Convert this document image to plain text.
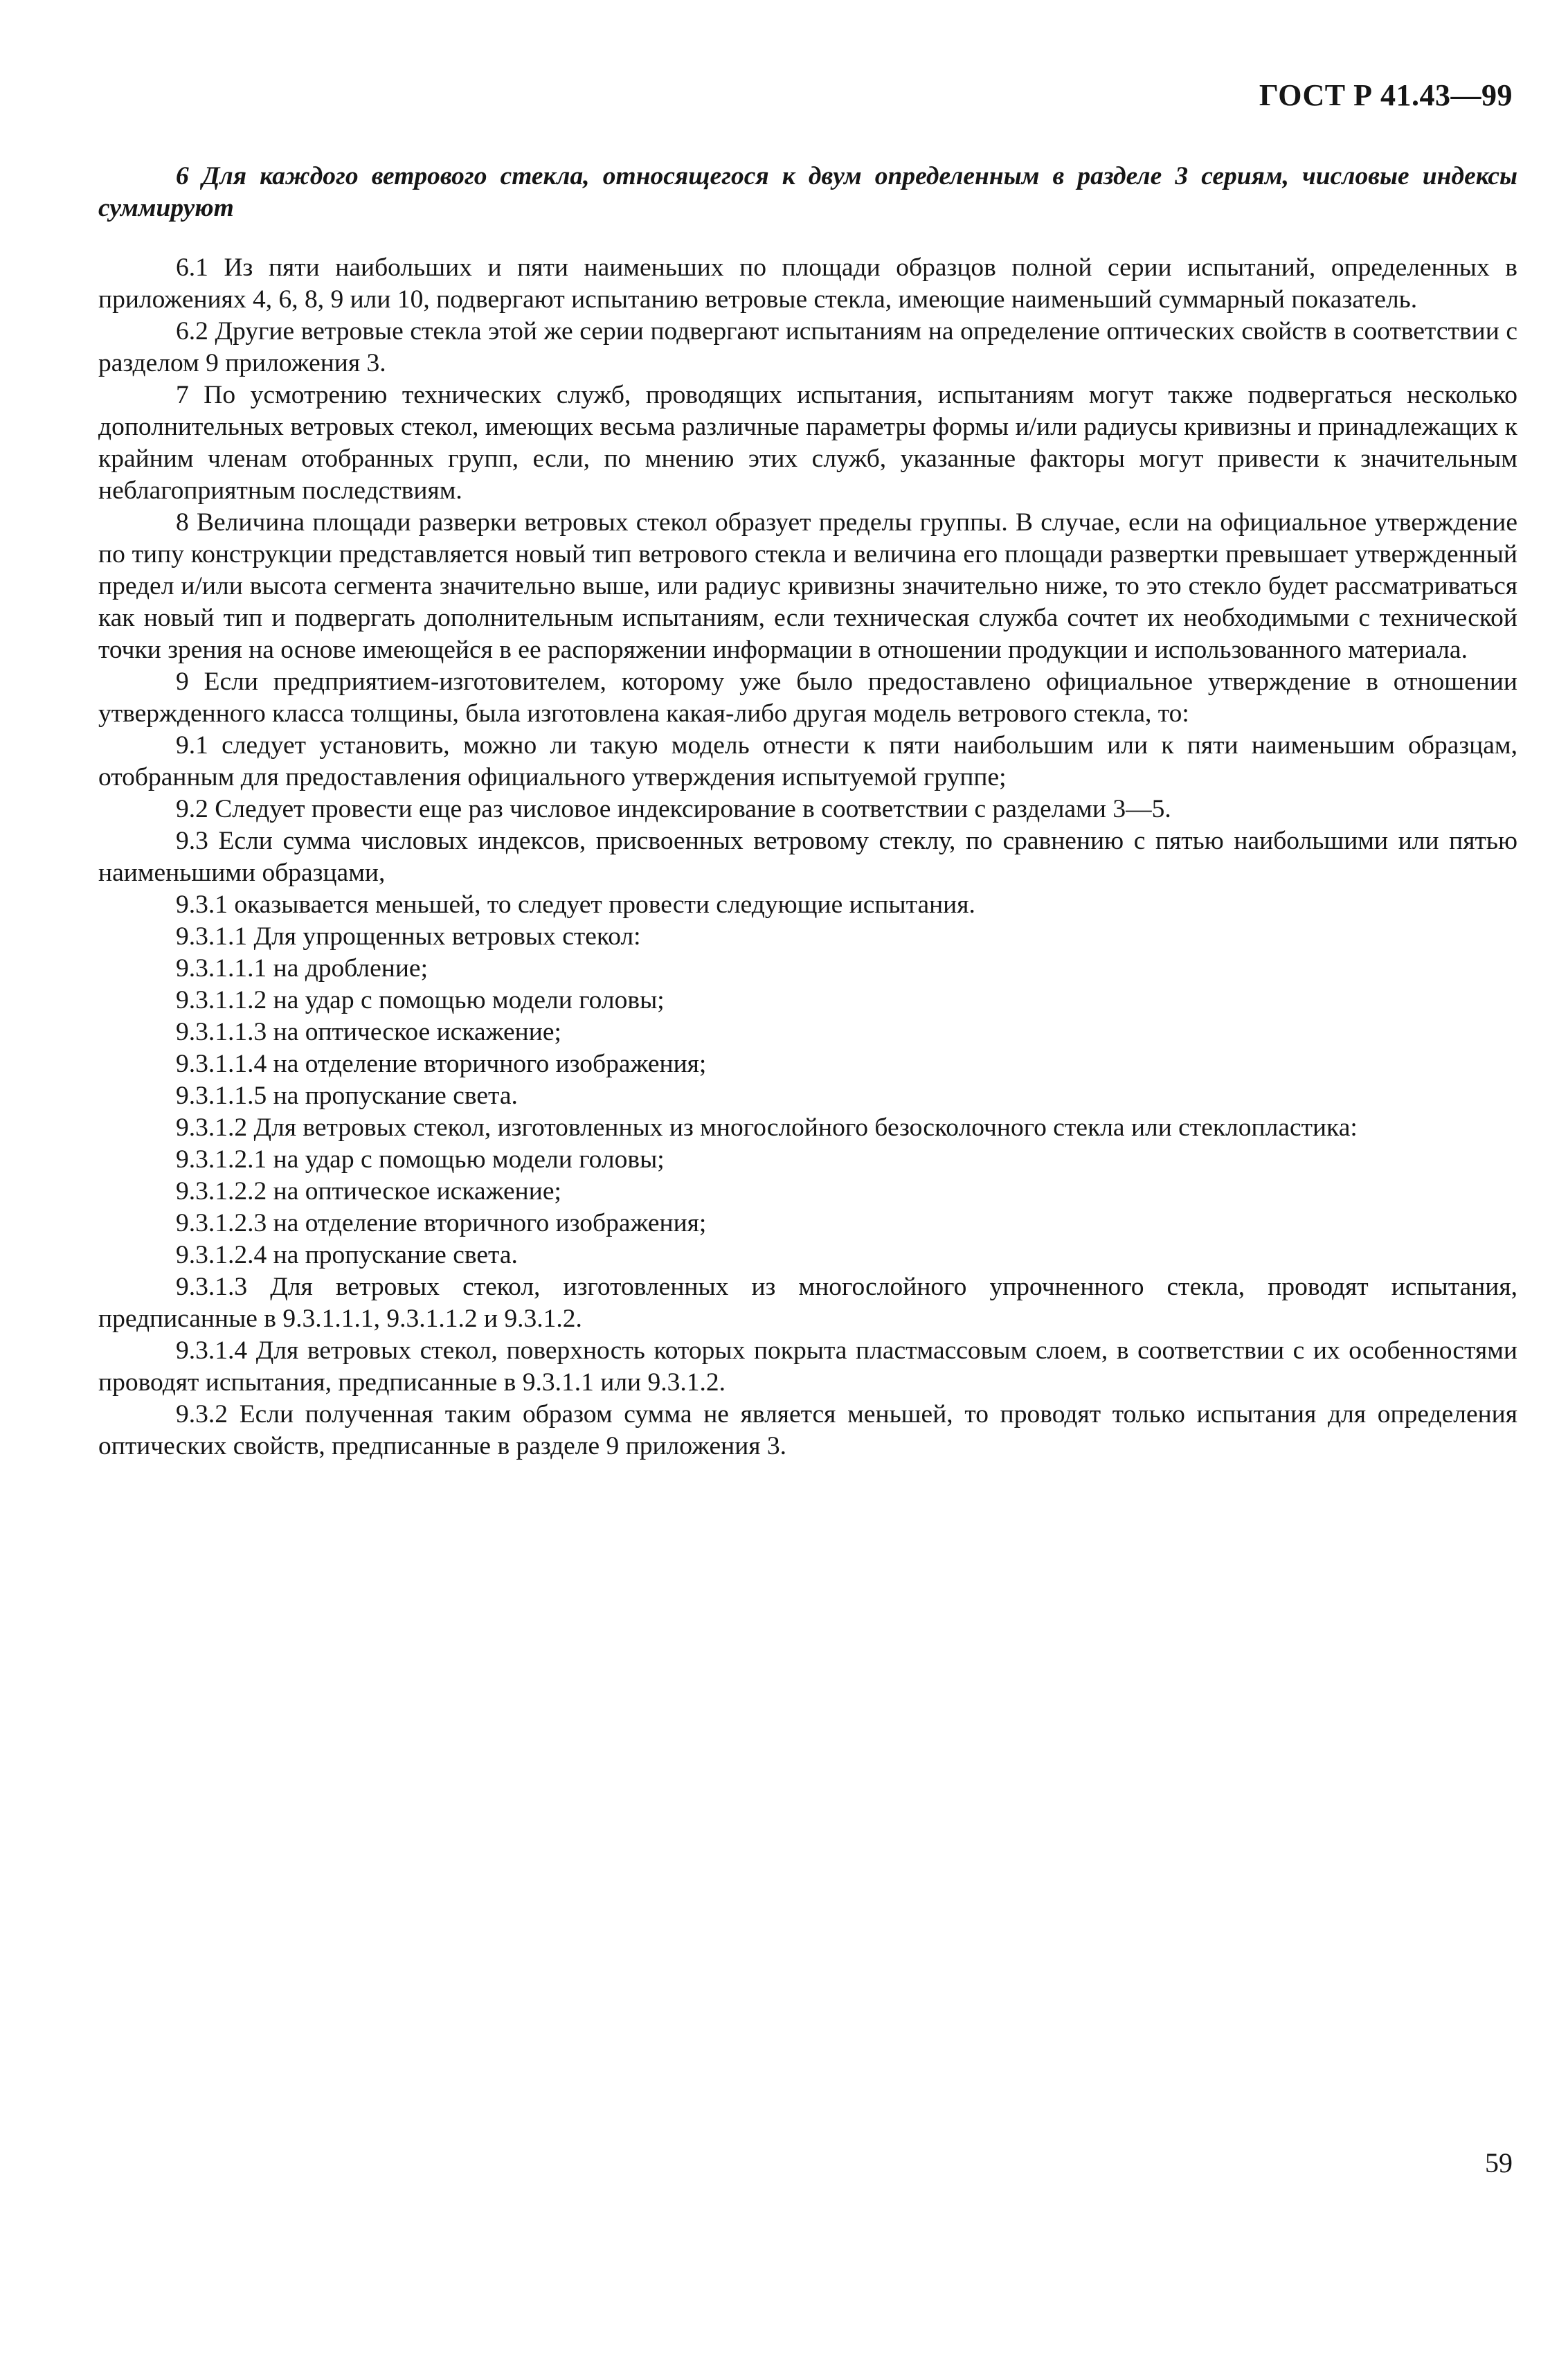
ГОСТ Р 41.43—99

6 Для каждого ветрового стекла, относящегося к двум определенным в разделе 3 сериям, числовые индексы суммируют

6.1 Из пяти наибольших и пяти наименьших по площади образцов полной серии испытаний, определенных в приложениях 4, 6, 8, 9 или 10, подвергают испытанию ветровые стекла, имеющие наименьший суммарный показатель.

6.2 Другие ветровые стекла этой же серии подвергают испытаниям на определение оптических свойств в соответствии с разделом 9 приложения 3.

7 По усмотрению технических служб, проводящих испытания, испытаниям могут также подвергаться несколько дополнительных ветровых стекол, имеющих весьма различные параметры формы и/или радиусы кривизны и принадлежащих к крайним членам отобранных групп, если, по мнению этих служб, указанные факторы могут привести к значительным неблагоприятным последствиям.

8 Величина площади разверки ветровых стекол образует пределы группы. В случае, если на официальное утверждение по типу конструкции представляется новый тип ветрового стекла и величина его площади развертки превышает утвержденный предел и/или высота сегмента значительно выше, или радиус кривизны значительно ниже, то это стекло будет рассматриваться как новый тип и подвергать дополнительным испытаниям, если техническая служба сочтет их необходимыми с технической точки зрения на основе имеющейся в ее распоряжении информации в отношении продукции и использованного материала.

9 Если предприятием-изготовителем, которому уже было предоставлено официальное утверждение в отношении утвержденного класса толщины, была изготовлена какая-либо другая модель ветрового стекла, то:

9.1 следует установить, можно ли такую модель отнести к пяти наибольшим или к пяти наименьшим образцам, отобранным для предоставления официального утверждения испытуемой группе;

9.2 Следует провести еще раз числовое индексирование в соответствии с разделами 3—5.

9.3 Если сумма числовых индексов, присвоенных ветровому стеклу, по сравнению с пятью наибольшими или пятью наименьшими образцами,

9.3.1 оказывается меньшей, то следует провести следующие испытания.

9.3.1.1 Для упрощенных ветровых стекол:

9.3.1.1.1 на дробление;

9.3.1.1.2 на удар с помощью модели головы;

9.3.1.1.3 на оптическое искажение;

9.3.1.1.4 на отделение вторичного изображения;

9.3.1.1.5 на пропускание света.

9.3.1.2 Для ветровых стекол, изготовленных из многослойного безосколочного стекла или стеклопластика:

9.3.1.2.1 на удар с помощью модели головы;

9.3.1.2.2 на оптическое искажение;

9.3.1.2.3 на отделение вторичного изображения;

9.3.1.2.4 на пропускание света.

9.3.1.3 Для ветровых стекол, изготовленных из многослойного упрочненного стекла, проводят испытания, предписанные в 9.3.1.1.1, 9.3.1.1.2 и 9.3.1.2.

9.3.1.4 Для ветровых стекол, поверхность которых покрыта пластмассовым слоем, в соответствии с их особенностями проводят испытания, предписанные в 9.3.1.1 или 9.3.1.2.

9.3.2 Если полученная таким образом сумма не является меньшей, то проводят только испытания для определения оптических свойств, предписанные в разделе 9 приложения 3.

59
